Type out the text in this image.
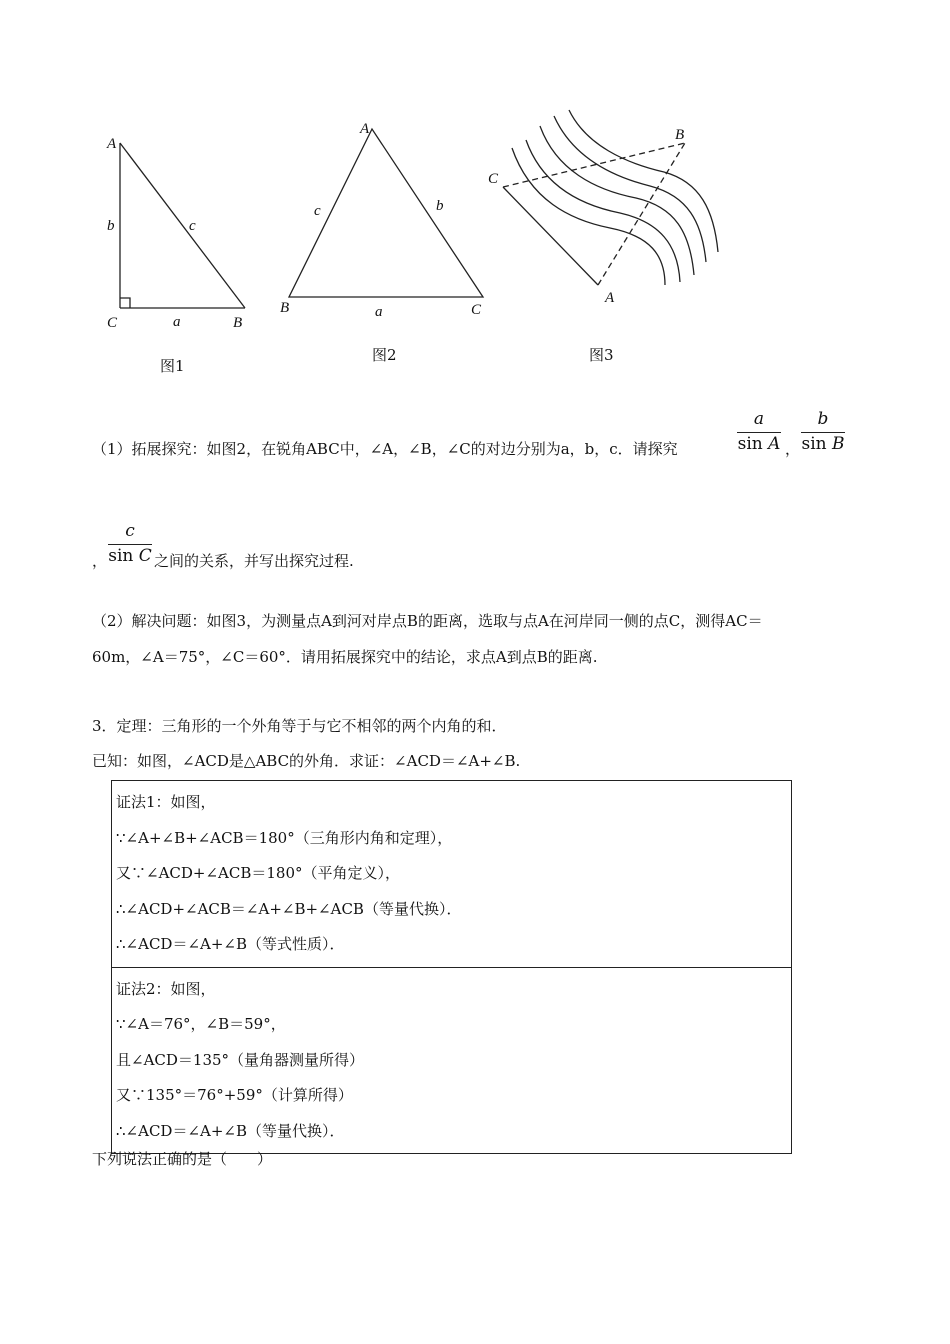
A
b	c
C	a	B
A
c	b
B	a	C
B
C
A
图1
图2	图3
（1）拓展探究：如图2，在锐角ABC中，∠A，∠B，∠C的对边分别为a，b，c．请探究
a
sin A ，
b
sin B
，
c
sin C 之间的关系，并写出探究过程.
（2）解决问题：如图3，为测量点A到河对岸点B的距离，选取与点A在河岸同一侧的点C，测得AC＝
60m，∠A＝75°，∠C＝60°．请用拓展探究中的结论，求点A到点B的距离.
3．定理：三角形的一个外角等于与它不相邻的两个内角的和．
已知：如图，∠ACD是△ABC的外角．求证：∠ACD＝∠A+∠B.
证法1：如图，
∵∠A+∠B+∠ACB＝180°（三角形内角和定理），
又∵∠ACD+∠ACB＝180°（平角定义），
∴∠ACD+∠ACB＝∠A+∠B+∠ACB（等量代换）．
∴∠ACD＝∠A+∠B（等式性质）．

证法2：如图，
∵∠A＝76°，∠B＝59°，
且∠ACD＝135°（量角器测量所得）
又∵135°＝76°+59°（计算所得）
∴∠ACD＝∠A+∠B（等量代换）．
下列说法正确的是（　　）
